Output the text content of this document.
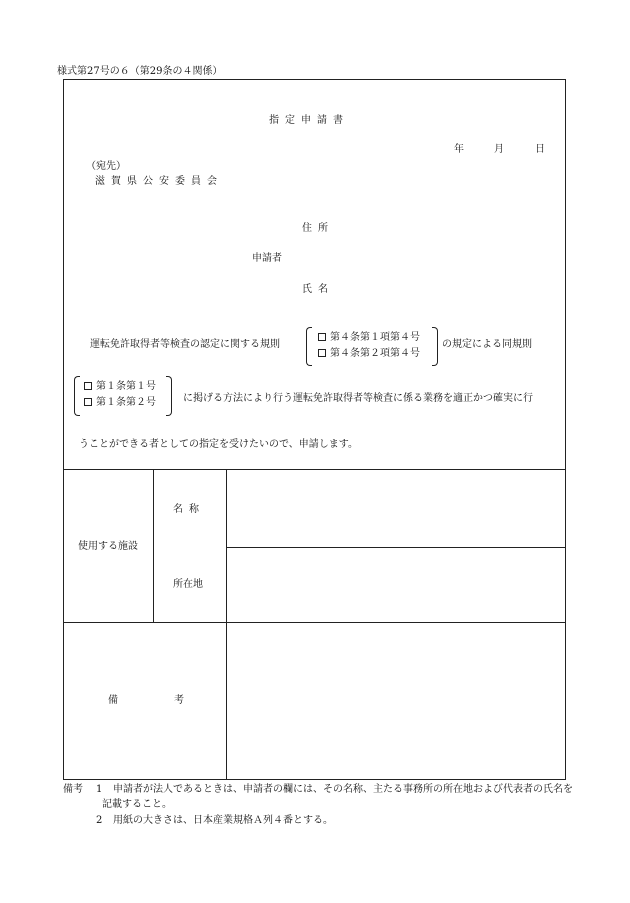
様式第27号の６（第29条の４関係）
指定申請書
年	月	日
（宛先）
滋賀県公安委員会
住所
申請者
氏名
運転免許取得者等検査の認定に関する規則
第４条第１項第４号
第４条第２項第４号
の規定による同規則
第１条第１号
第１条第２号	に掲げる方法により行う運転免許取得者等検査に係る業務を適正かつ確実に行
うことができる者としての指定を受けたいので、申請します。
使用する施設
名称
所在地
備考
備考 1 申請者が法人であるときは、申請者の欄には、その名称、主たる事務所の所在地および代表者の氏名を
記載すること。
2 用紙の大きさは、日本産業規格Ａ列４番とする。
